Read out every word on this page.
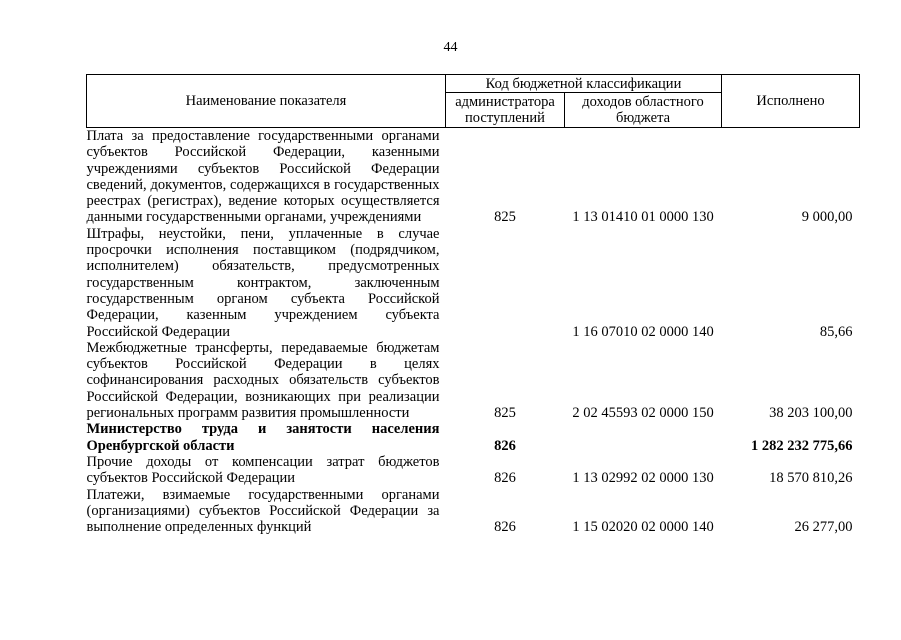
44
Наименование показателя	Код бюджетной классификации		Исполнено
	администратора поступлений	доходов областного бюджета	
Плата за предоставление государственными органами субъектов Российской Федерации, казенными учреждениями субъектов Российской Федерации сведений, документов, содержащихся в государственных реестрах (регистрах), ведение которых осуществляется данными государственными органами, учреждениями	825	1 13 01410 01 0000 130	9 000,00
Штрафы, неустойки, пени, уплаченные в случае просрочки исполнения поставщиком (подрядчиком, исполнителем) обязательств, предусмотренных государственным контрактом, заключенным государственным органом субъекта Российской Федерации, казенным учреждением субъекта Российской Федерации		1 16 07010 02 0000 140	85,66
Межбюджетные трансферты, передаваемые бюджетам субъектов Российской Федерации в целях софинансирования расходных обязательств субъектов Российской Федерации, возникающих при реализации региональных программ развития промышленности	825	2 02 45593 02 0000 150	38 203 100,00
Министерство труда и занятости населения Оренбургской области	826		1 282 232 775,66
Прочие доходы от компенсации затрат бюджетов субъектов Российской Федерации	826	1 13 02992 02 0000 130	18 570 810,26
Платежи, взимаемые государственными органами (организациями) субъектов Российской Федерации за выполнение определенных функций	826	1 15 02020 02 0000 140	26 277,00
